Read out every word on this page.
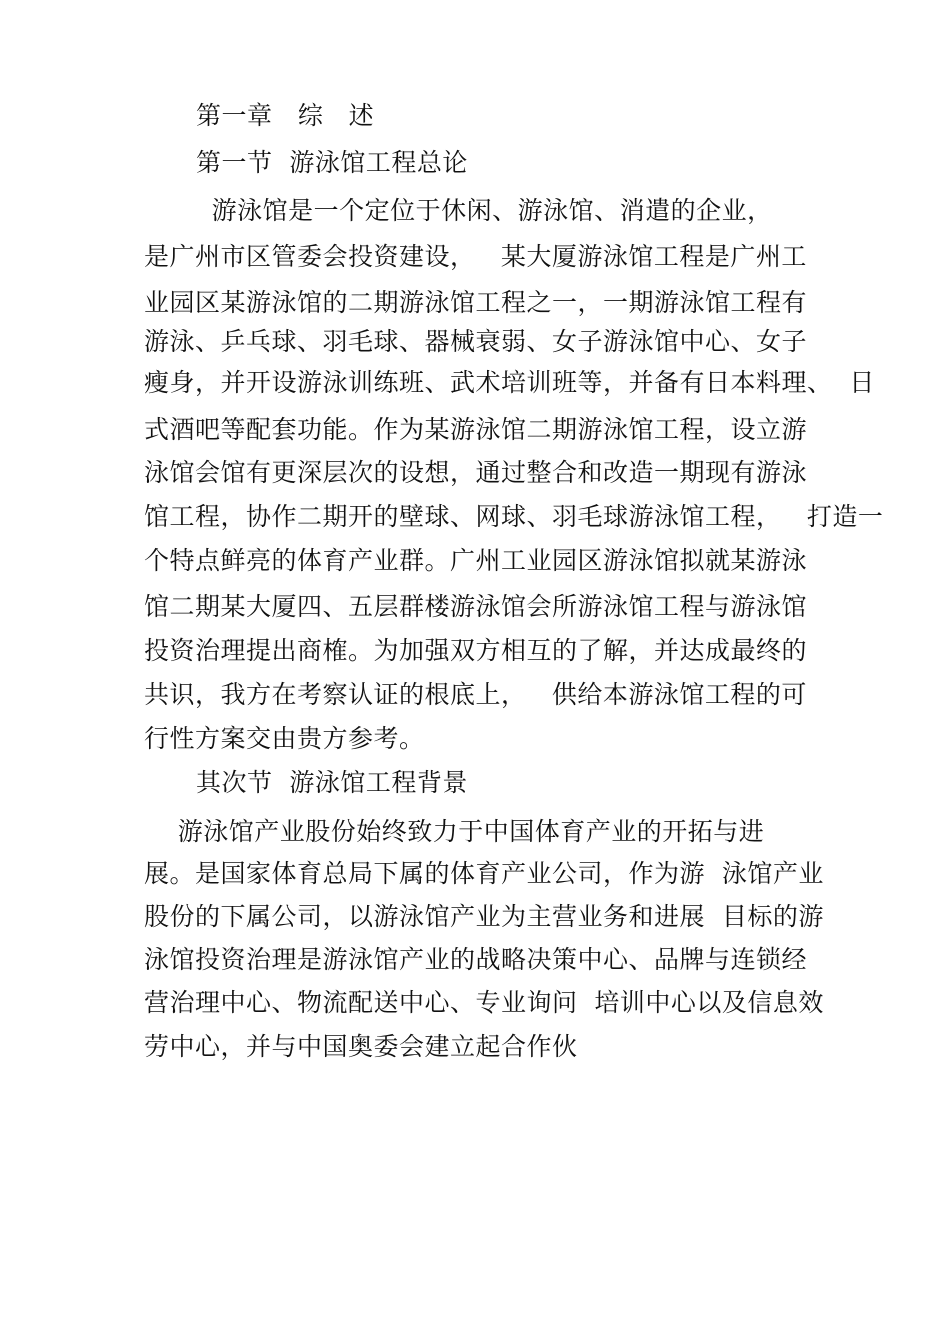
第一章   综   述
第一节  游泳馆工程总论
游泳馆是一个定位于休闲、游泳馆、消遣的企业，
是广州市区管委会投资建设，   某大厦游泳馆工程是广州工
业园区某游泳馆的二期游泳馆工程之一，一期游泳馆工程有
游泳、乒乓球、羽毛球、器械衰弱、女子游泳馆中心、女子
瘦身，并开设游泳训练班、武术培训班等，并备有日本料理、  日
式酒吧等配套功能。作为某游泳馆二期游泳馆工程，设立游
泳馆会馆有更深层次的设想，通过整合和改造一期现有游泳
馆工程，协作二期开的壁球、网球、羽毛球游泳馆工程，   打造一
个特点鲜亮的体育产业群。广州工业园区游泳馆拟就某游泳
馆二期某大厦四、五层群楼游泳馆会所游泳馆工程与游泳馆
投资治理提出商榷。为加强双方相互的了解，并达成最终的
共识，我方在考察认证的根底上，   供给本游泳馆工程的可
行性方案交由贵方参考。
其次节  游泳馆工程背景
游泳馆产业股份始终致力于中国体育产业的开拓与进
展。是国家体育总局下属的体育产业公司，作为游  泳馆产业
股份的下属公司，以游泳馆产业为主营业务和进展  目标的游
泳馆投资治理是游泳馆产业的战略决策中心、品牌与连锁经
营治理中心、物流配送中心、专业询问  培训中心以及信息效
劳中心，并与中国奥委会建立起合作伙
